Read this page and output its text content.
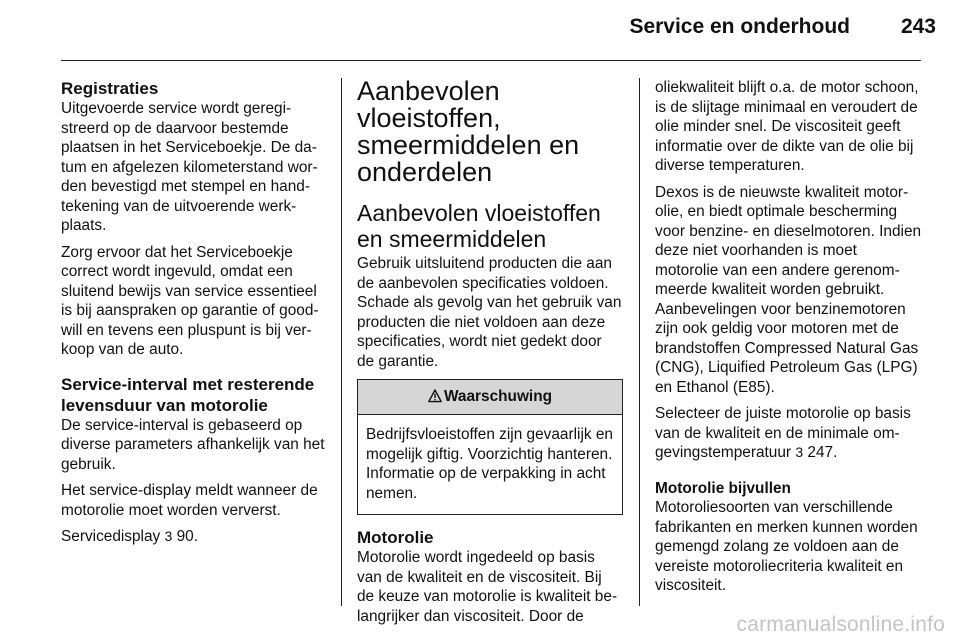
Service en onderhoud	243
Registraties

Uitgevoerde service wordt geregistreerd op de daarvoor bestemde plaatsen in het Serviceboekje. De datum en afgelezen kilometerstand worden bevestigd met stempel en handtekening van de uitvoerende werkplaats.

Zorg ervoor dat het Serviceboekje correct wordt ingevuld, omdat een sluitend bewijs van service essentieel is bij aanspraken op garantie of goodwill en tevens een pluspunt is bij verkoop van de auto.

Service-interval met resterende levensduur van motorolie

De service-interval is gebaseerd op diverse parameters afhankelijk van het gebruik.

Het service-display meldt wanneer de motorolie moet worden ververst.

Servicedisplay 3 90.

Aanbevolen vloeistoffen, smeermiddelen en onderdelen
Aanbevolen vloeistoffen en smeermiddelen

Gebruik uitsluitend producten die aan de aanbevolen specificaties voldoen. Schade als gevolg van het gebruik van producten die niet voldoen aan deze specificaties, wordt niet gedekt door de garantie.

Waarschuwing
Bedrijfsvloeistoffen zijn gevaarlijk en mogelijk giftig. Voorzichtig hanteren. Informatie op de verpakking in acht nemen.
Motorolie

Motorolie wordt ingedeeld op basis van de kwaliteit en de viscositeit. Bij de keuze van motorolie is kwaliteit belangrijker dan viscositeit. Door de

oliekwaliteit blijft o.a. de motor schoon, is de slijtage minimaal en veroudert de olie minder snel. De viscositeit geeft informatie over de dikte van de olie bij diverse temperaturen.

Dexos is de nieuwste kwaliteit motorolie, en biedt optimale bescherming voor benzine- en dieselmotoren. Indien deze niet voorhanden is moet motorolie van een andere gerenommeerde kwaliteit worden gebruikt. Aanbevelingen voor benzinemotoren zijn ook geldig voor motoren met de brandstoffen Compressed Natural Gas (CNG), Liquified Petroleum Gas (LPG) en Ethanol (E85).

Selecteer de juiste motorolie op basis van de kwaliteit en de minimale omgevingstemperatuur 3 247.

Motorolie bijvullen

Motoroliesoorten van verschillende fabrikanten en merken kunnen worden gemengd zolang ze voldoen aan de vereiste motoroliecriteria kwaliteit en viscositeit.

carmanualsonline.info
